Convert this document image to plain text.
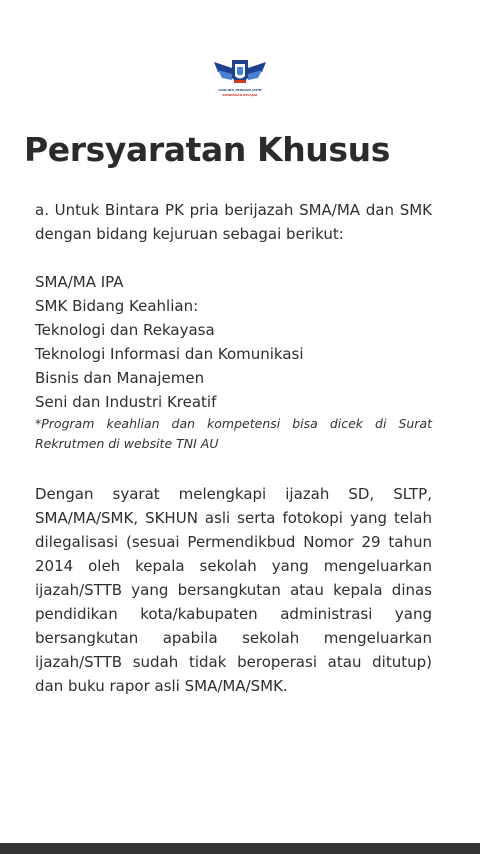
LION INTI PERSADA JATIM
BIMBINGAN BELAJAR
Persyaratan Khusus
a. Untuk Bintara PK pria berijazah SMA/MA dan SMK dengan bidang kejuruan sebagai berikut:
SMA/MA IPA
SMK Bidang Keahlian:
Teknologi dan Rekayasa
Teknologi Informasi dan Komunikasi
Bisnis dan Manajemen
Seni dan Industri Kreatif
*Program keahlian dan kompetensi bisa dicek di Surat Rekrutmen di website TNI AU
Dengan syarat melengkapi ijazah SD, SLTP, SMA/MA/SMK, SKHUN asli serta fotokopi yang telah dilegalisasi (sesuai Permendikbud Nomor 29 tahun 2014 oleh kepala sekolah yang mengeluarkan ijazah/STTB yang bersangkutan atau kepala dinas pendidikan kota/kabupaten administrasi yang bersangkutan apabila sekolah mengeluarkan ijazah/STTB sudah tidak beroperasi atau ditutup) dan buku rapor asli SMA/MA/SMK.
